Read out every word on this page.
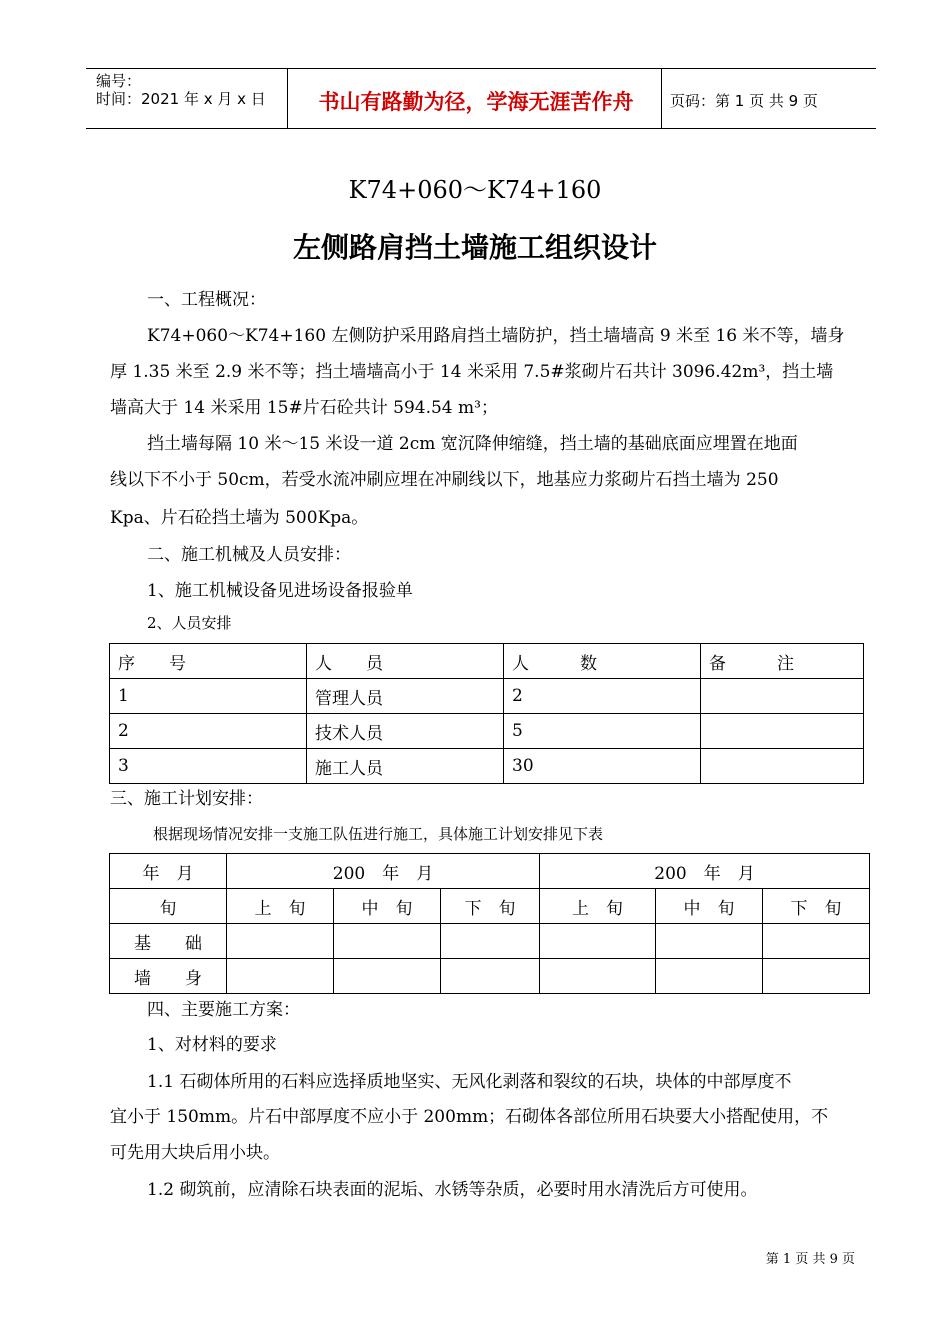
编号：
时间：2021 年 x 月 x 日	书山有路勤为径，学海无涯苦作舟	页码：第 1 页 共 9 页
K74+060～K74+160
左侧路肩挡土墙施工组织设计
一、工程概况：
K74+060～K74+160 左侧防护采用路肩挡土墙防护，挡土墙墙高 9 米至 16 米不等，墙身
厚 1.35 米至 2.9 米不等；挡土墙墙高小于 14 米采用 7.5#浆砌片石共计 3096.42m³，挡土墙
墙高大于 14 米采用 15#片石砼共计 594.54 m³；
挡土墙每隔 10 米～15 米设一道 2cm 宽沉降伸缩缝，挡土墙的基础底面应埋置在地面
线以下不小于 50cm，若受水流冲刷应埋在冲刷线以下，地基应力浆砌片石挡土墙为 250
Kpa、片石砼挡土墙为 500Kpa。
二、施工机械及人员安排：
1、施工机械设备见进场设备报验单
2、人员安排
序　　号	人　　员	人　　　数	备　　　注
1	管理人员	2	
2	技术人员	5	
3	施工人员	30	
三、施工计划安排：
根据现场情况安排一支施工队伍进行施工，具体施工计划安排见下表
年　月	200　年　月			200　年　月		
旬	上　旬	中　旬	下　旬	上　旬	中　旬	下　旬
基　　础						
墙　　身						
四、主要施工方案：
1、对材料的要求
1.1 石砌体所用的石料应选择质地坚实、无风化剥落和裂纹的石块，块体的中部厚度不
宜小于 150mm。片石中部厚度不应小于 200mm；石砌体各部位所用石块要大小搭配使用，不
可先用大块后用小块。
1.2 砌筑前，应清除石块表面的泥垢、水锈等杂质，必要时用水清洗后方可使用。
第 1 页 共 9 页
